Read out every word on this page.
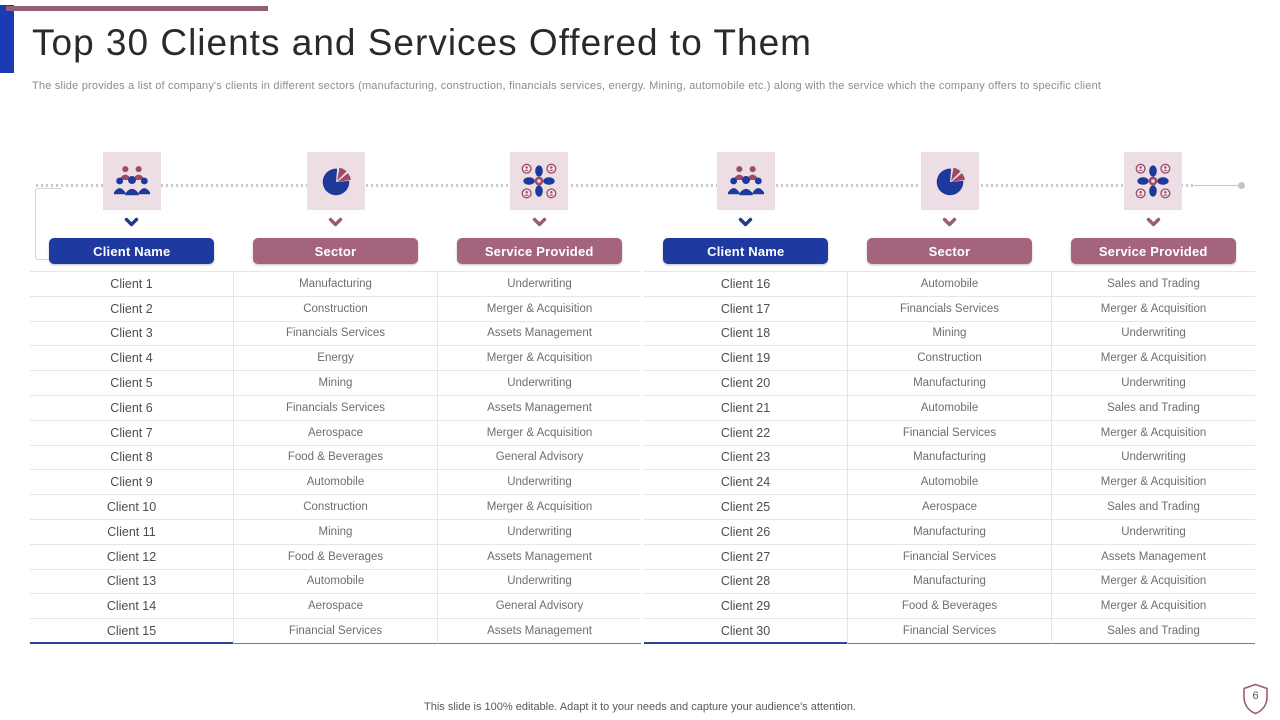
Top 30 Clients and Services Offered to Them
The slide provides a list of company's clients in different sectors (manufacturing, construction, financials services, energy. Mining, automobile etc.) along with the service which the company offers to specific client
Client Name	Sector	Service Provided
Client 1	Manufacturing	Underwriting
Client 2	Construction	Merger & Acquisition
Client 3	Financials Services	Assets Management
Client 4	Energy	Merger & Acquisition
Client 5	Mining	Underwriting
Client 6	Financials Services	Assets Management
Client 7	Aerospace	Merger & Acquisition
Client 8	Food & Beverages	General Advisory
Client 9	Automobile	Underwriting
Client 10	Construction	Merger & Acquisition
Client 11	Mining	Underwriting
Client 12	Food & Beverages	Assets Management
Client 13	Automobile	Underwriting
Client 14	Aerospace	General Advisory
Client 15	Financial Services	Assets Management
Client Name	Sector	Service Provided
Client 16	Automobile	Sales and Trading
Client 17	Financials Services	Merger & Acquisition
Client 18	Mining	Underwriting
Client 19	Construction	Merger & Acquisition
Client 20	Manufacturing	Underwriting
Client 21	Automobile	Sales and Trading
Client 22	Financial Services	Merger & Acquisition
Client 23	Manufacturing	Underwriting
Client 24	Automobile	Merger & Acquisition
Client 25	Aerospace	Sales and Trading
Client 26	Manufacturing	Underwriting
Client 27	Financial Services	Assets Management
Client 28	Manufacturing	Merger & Acquisition
Client 29	Food & Beverages	Merger & Acquisition
Client 30	Financial Services	Sales and Trading
This slide is 100% editable. Adapt it to your needs and capture your audience's attention.
6
